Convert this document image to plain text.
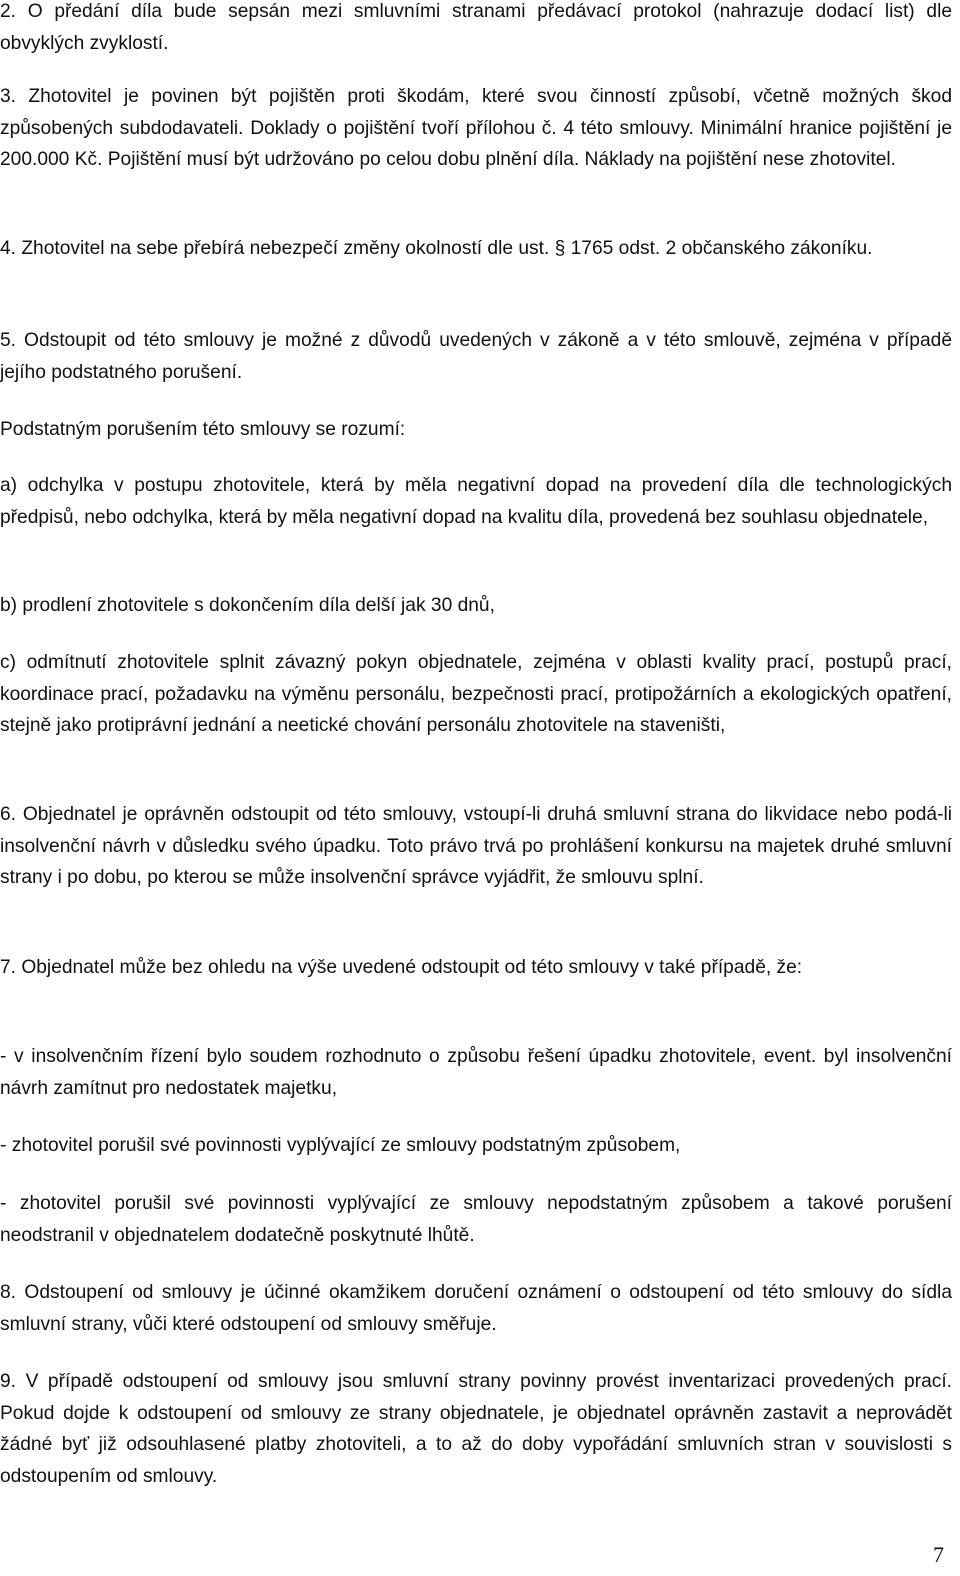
2. O předání díla bude sepsán mezi smluvními stranami předávací protokol (nahrazuje dodací list) dle obvyklých zvyklostí.

3. Zhotovitel je povinen být pojištěn proti škodám, které svou činností způsobí, včetně možných škod způsobených subdodavateli. Doklady o pojištění tvoří přílohou č. 4 této smlouvy. Minimální hranice pojištění je 200.000 Kč. Pojištění musí být udržováno po celou dobu plnění díla. Náklady na pojištění nese zhotovitel.

4. Zhotovitel na sebe přebírá nebezpečí změny okolností dle ust. § 1765 odst. 2 občanského zákoníku.

5. Odstoupit od této smlouvy je možné z důvodů uvedených v zákoně a v této smlouvě, zejména v případě jejího podstatného porušení.

Podstatným porušením této smlouvy se rozumí:

a) odchylka v postupu zhotovitele, která by měla negativní dopad na provedení díla dle technologických předpisů, nebo odchylka, která by měla negativní dopad na kvalitu díla, provedená bez souhlasu objednatele,

b) prodlení zhotovitele s dokončením díla delší jak 30 dnů,

c) odmítnutí zhotovitele splnit závazný pokyn objednatele, zejména v oblasti kvality prací, postupů prací, koordinace prací, požadavku na výměnu personálu, bezpečnosti prací, protipožárních a ekologických opatření, stejně jako protiprávní jednání a neetické chování personálu zhotovitele na staveništi,

6. Objednatel je oprávněn odstoupit od této smlouvy, vstoupí-li druhá smluvní strana do likvidace nebo podá-li insolvenční návrh v důsledku svého úpadku. Toto právo trvá po prohlášení konkursu na majetek druhé smluvní strany i po dobu, po kterou se může insolvenční správce vyjádřit, že smlouvu splní.

7. Objednatel může bez ohledu na výše uvedené odstoupit od této smlouvy v také případě, že:

- v insolvenčním řízení bylo soudem rozhodnuto o způsobu řešení úpadku zhotovitele, event. byl insolvenční návrh zamítnut pro nedostatek majetku,

- zhotovitel porušil své povinnosti vyplývající ze smlouvy podstatným způsobem,

- zhotovitel porušil své povinnosti vyplývající ze smlouvy nepodstatným způsobem a takové porušení neodstranil v objednatelem dodatečně poskytnuté lhůtě.

8. Odstoupení od smlouvy je účinné okamžikem doručení oznámení o odstoupení od této smlouvy do sídla smluvní strany, vůči které odstoupení od smlouvy směřuje.

9. V případě odstoupení od smlouvy jsou smluvní strany povinny provést inventarizaci provedených prací. Pokud dojde k odstoupení od smlouvy ze strany objednatele, je objednatel oprávněn zastavit a neprovádět žádné byť již odsouhlasené platby zhotoviteli, a to až do doby vypořádání smluvních stran v souvislosti s odstoupením od smlouvy.

7
